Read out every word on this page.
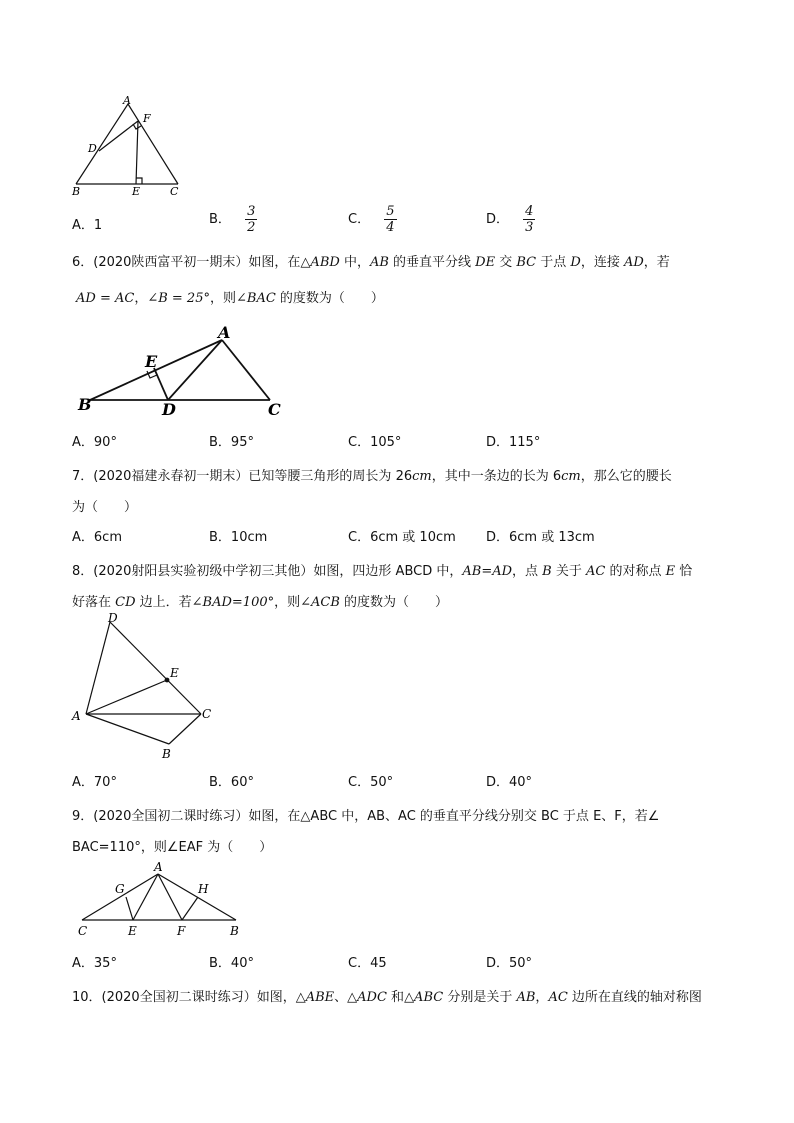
A
F
D
B	E	C
A．1	B． $\frac{3}{2}$	C． $\frac{5}{4}$	D． $\frac{4}{3}$
6．(2020陕西富平初一期末）如图，在△ABD 中，AB 的垂直平分线 DE 交 BC 于点 D，连接 AD，若
AD = AC，∠B = 25°，则∠BAC 的度数为（　　）
A
E
B	D	C
A．90°	B．95°	C．105°	D．115°
7．(2020福建永春初一期末）已知等腰三角形的周长为 26cm，其中一条边的长为 6cm，那么它的腰长
为（　　）
A．6cm	B．10cm	C．6cm 或 10cm D．6cm 或 13cm
8．(2020射阳县实验初级中学初三其他）如图，四边形 ABCD 中，AB=AD，点 B 关于 AC 的对称点 E 恰
好落在 CD 边上．若∠BAD=100°，则∠ACB 的度数为（　　）
D
E
A	C
B
A．70°	B．60°	C．50°	D．40°
9．(2020全国初二课时练习）如图，在△ABC 中，AB、AC 的垂直平分线分别交 BC 于点 E、F，若∠
BAC=110°，则∠EAF 为（　　）
A
G	H
C	E	F	B
A．35°	B．40°	C．45	D．50°
10．(2020全国初二课时练习）如图，△ABE、△ADC 和△ABC 分别是关于 AB，AC 边所在直线的轴对称图
